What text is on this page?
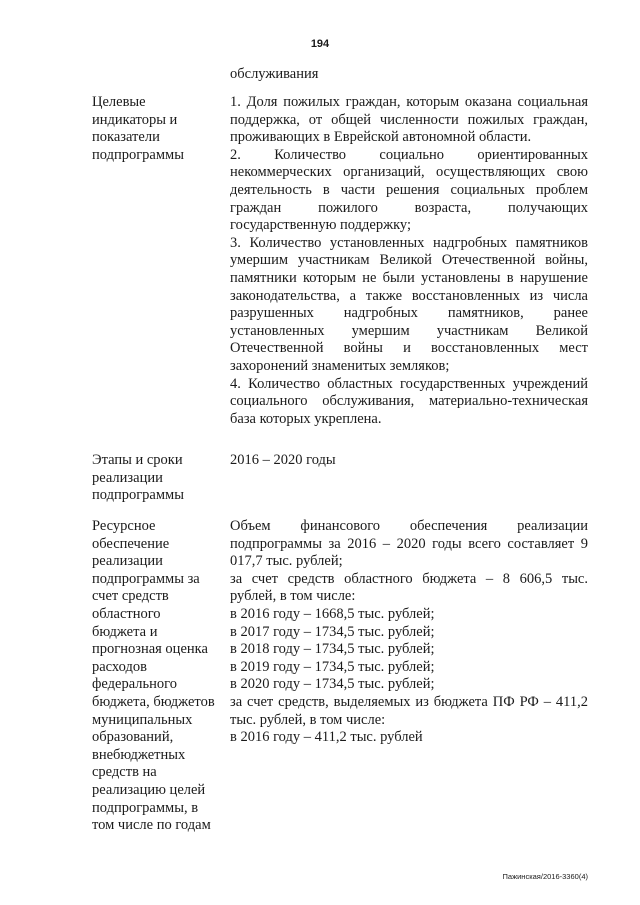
194
обслуживания
Целевые
индикаторы и
показатели
подпрограммы

1. Доля пожилых граждан, которым оказана социальная поддержка, от общей численности пожилых граждан, проживающих в Еврейской автономной области.

2. Количество социально ориентированных некоммерческих организаций, осуществляющих свою деятельность в части решения социальных проблем граждан пожилого возраста, получающих государственную поддержку;

3. Количество установленных надгробных памятников умершим участникам Великой Отечественной войны, памятники которым не были установлены в нарушение законодательства, а также восстановленных из числа разрушенных надгробных памятников, ранее установленных умершим участникам Великой Отечественной войны и восстановленных мест захоронений знаменитых земляков;

4. Количество областных государственных учреждений социального обслуживания, материально-техническая база которых укреплена.

Этапы и сроки
реализации
подпрограммы

2016 – 2020 годы

Ресурсное
обеспечение
реализации
подпрограммы за
счет средств
областного
бюджета и
прогнозная оценка
расходов
федерального
бюджета, бюджетов
муниципальных
образований,
внебюджетных
средств на
реализацию целей
подпрограммы, в
том числе по годам

Объем финансового обеспечения реализации подпрограммы за 2016 – 2020 годы всего составляет 9 017,7 тыс. рублей;

за счет средств областного бюджета – 8 606,5 тыс. рублей, в том числе:

в 2016 году – 1668,5 тыс. рублей;

в 2017 году – 1734,5 тыс. рублей;

в 2018 году – 1734,5 тыс. рублей;

в 2019 году – 1734,5 тыс. рублей;

в 2020 году – 1734,5 тыс. рублей;

за счет средств, выделяемых из бюджета ПФ РФ – 411,2 тыс. рублей, в том числе:

в 2016 году – 411,2 тыс. рублей

Пажинская/2016-3360(4)
